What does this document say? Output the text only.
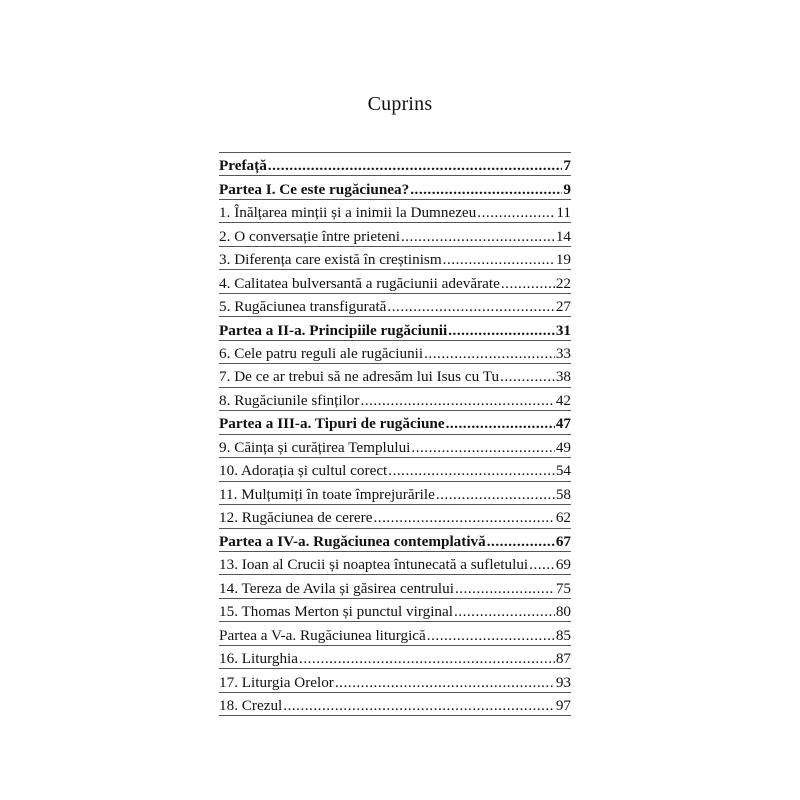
Cuprins
Prefață .....	7
Partea I. Ce este rugăciunea? .....	9
1. Înălțarea minții și a inimii la Dumnezeu .....	11
2. O conversație între prieteni .....	14
3. Diferența care există în creștinism .....	19
4. Calitatea bulversantă a rugăciunii adevărate .....	22
5. Rugăciunea transfigurată .....	27
Partea a II-a. Principiile rugăciunii .....	31
6. Cele patru reguli ale rugăciunii .....	33
7. De ce ar trebui să ne adresăm lui Isus cu Tu .....	38
8. Rugăciunile sfinților .....	42
Partea a III-a. Tipuri de rugăciune .....	47
9. Căința și curățirea Templului .....	49
10. Adorația și cultul corect .....	54
11. Mulțumiți în toate împrejurările .....	58
12. Rugăciunea de cerere .....	62
Partea a IV-a. Rugăciunea contemplativă .....	67
13. Ioan al Crucii și noaptea întunecată a sufletului ..... 69
14. Tereza de Avila și găsirea centrului .....	75
15. Thomas Merton și punctul virginal .....	80
Partea a V-a. Rugăciunea liturgică .....	85
16. Liturghia .....	87
17. Liturgia Orelor .....	93
18. Crezul .....	97
